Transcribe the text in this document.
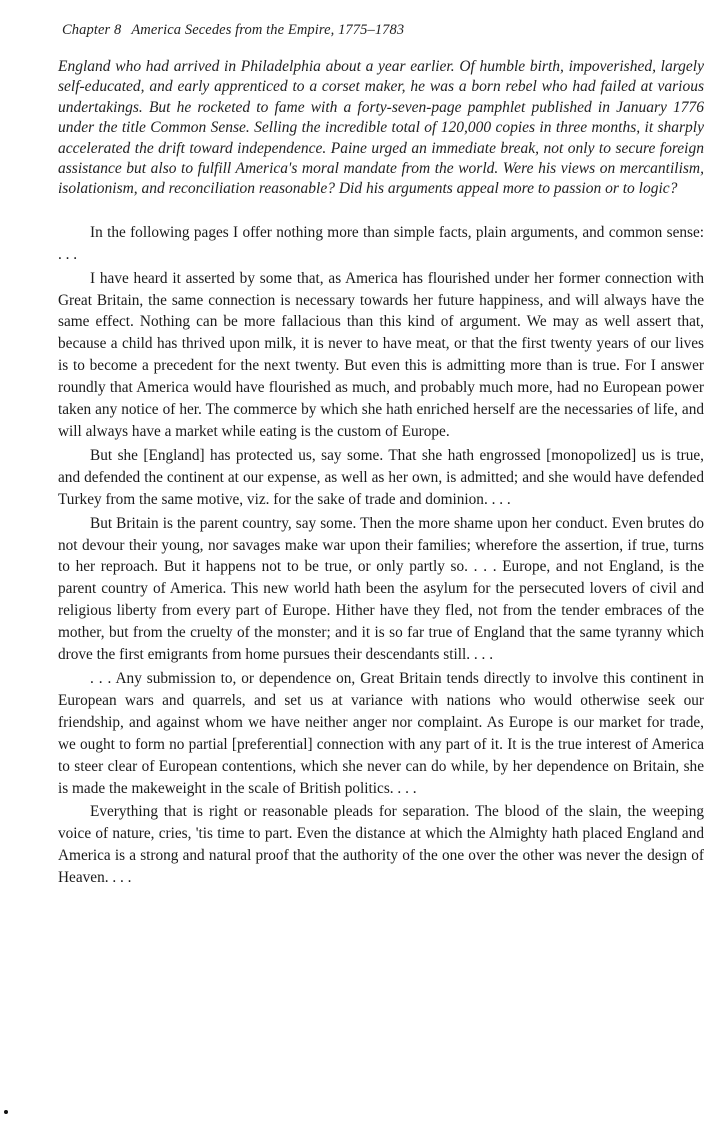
Chapter 8 America Secedes from the Empire, 1775–1783

England who had arrived in Philadelphia about a year earlier. Of humble birth, impoverished, largely self-educated, and early apprenticed to a corset maker, he was a born rebel who had failed at various undertakings. But he rocketed to fame with a forty-seven-page pamphlet published in January 1776 under the title Common Sense. Selling the incredible total of 120,000 copies in three months, it sharply accelerated the drift toward independence. Paine urged an immediate break, not only to secure foreign assistance but also to fulfill America's moral mandate from the world. Were his views on mercantilism, isolationism, and reconciliation reasonable? Did his arguments appeal more to passion or to logic?

In the following pages I offer nothing more than simple facts, plain arguments, and common sense: . . .

I have heard it asserted by some that, as America has flourished under her former connection with Great Britain, the same connection is necessary towards her future happiness, and will always have the same effect. Nothing can be more fallacious than this kind of argument. We may as well assert that, because a child has thrived upon milk, it is never to have meat, or that the first twenty years of our lives is to become a precedent for the next twenty. But even this is admitting more than is true. For I answer roundly that America would have flourished as much, and probably much more, had no European power taken any notice of her. The commerce by which she hath enriched herself are the necessaries of life, and will always have a market while eating is the custom of Europe.

But she [England] has protected us, say some. That she hath engrossed [monopolized] us is true, and defended the continent at our expense, as well as her own, is admitted; and she would have defended Turkey from the same motive, viz. for the sake of trade and dominion. . . .

But Britain is the parent country, say some. Then the more shame upon her conduct. Even brutes do not devour their young, nor savages make war upon their families; wherefore the assertion, if true, turns to her reproach. But it happens not to be true, or only partly so. . . . Europe, and not England, is the parent country of America. This new world hath been the asylum for the persecuted lovers of civil and religious liberty from every part of Europe. Hither have they fled, not from the tender embraces of the mother, but from the cruelty of the monster; and it is so far true of England that the same tyranny which drove the first emigrants from home pursues their descendants still. . . .

. . . Any submission to, or dependence on, Great Britain tends directly to involve this continent in European wars and quarrels, and set us at variance with nations who would otherwise seek our friendship, and against whom we have neither anger nor complaint. As Europe is our market for trade, we ought to form no partial [preferential] connection with any part of it. It is the true interest of America to steer clear of European contentions, which she never can do while, by her dependence on Britain, she is made the makeweight in the scale of British politics. . . .

Everything that is right or reasonable pleads for separation. The blood of the slain, the weeping voice of nature, cries, 'tis time to part. Even the distance at which the Almighty hath placed England and America is a strong and natural proof that the authority of the one over the other was never the design of Heaven. . . .
